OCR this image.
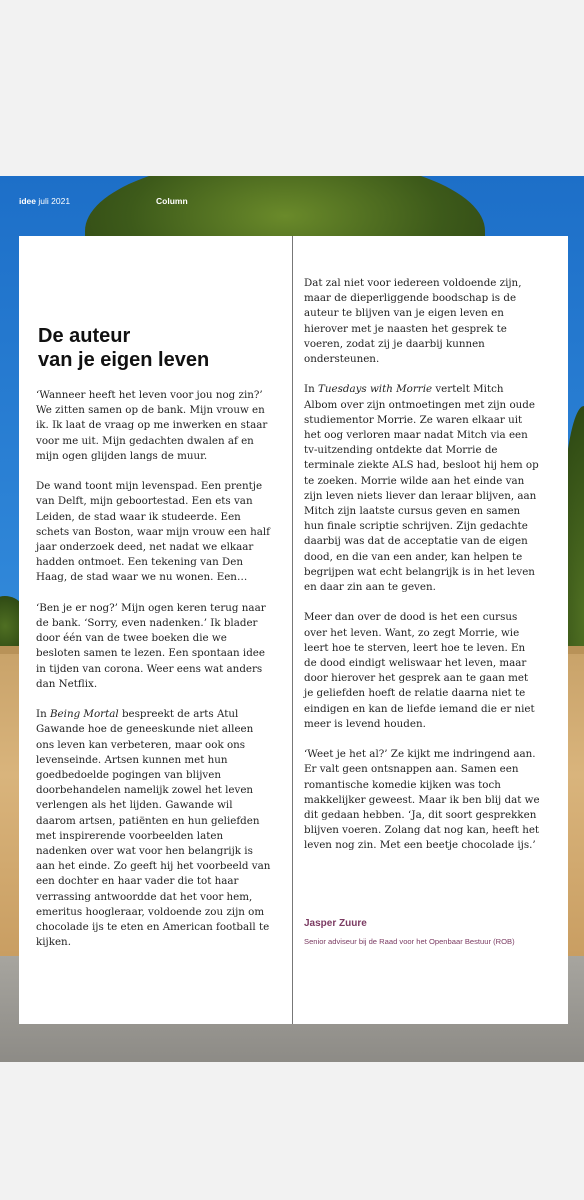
idee juli 2021	Column
De auteur
van je eigen leven

‘Wanneer heeft het leven voor jou nog zin?’ We zitten samen op de bank. Mijn vrouw en ik. Ik laat de vraag op me inwerken en staar voor me uit. Mijn gedachten dwalen af en mijn ogen glijden langs de muur.

De wand toont mijn levenspad. Een prentje van Delft, mijn geboortestad. Een ets van Leiden, de stad waar ik studeerde. Een schets van Boston, waar mijn vrouw een half jaar onderzoek deed, net nadat we elkaar hadden ontmoet. Een tekening van Den Haag, de stad waar we nu wonen. Een…

‘Ben je er nog?’ Mijn ogen keren terug naar de bank. ‘Sorry, even nadenken.’ Ik blader door één van de twee boeken die we besloten samen te lezen. Een spontaan idee in tijden van corona. Weer eens wat anders dan Netflix.

In Being Mortal bespreekt de arts Atul Gawande hoe de geneeskunde niet alleen ons leven kan verbeteren, maar ook ons levenseinde. Artsen kunnen met hun goedbedoelde pogingen van blijven doorbehandelen namelijk zowel het leven verlengen als het lijden. Gawande wil daarom artsen, patiënten en hun geliefden met inspirerende voorbeelden laten nadenken over wat voor hen belangrijk is aan het einde. Zo geeft hij het voorbeeld van een dochter en haar vader die tot haar verrassing antwoordde dat het voor hem, emeritus hoogleraar, voldoende zou zijn om chocolade ijs te eten en American football te kijken.

Dat zal niet voor iedereen voldoende zijn, maar de dieperliggende boodschap is de auteur te blijven van je eigen leven en hierover met je naasten het gesprek te voeren, zodat zij je daarbij kunnen ondersteunen.

In Tuesdays with Morrie vertelt Mitch Albom over zijn ontmoetingen met zijn oude studiementor Morrie. Ze waren elkaar uit het oog verloren maar nadat Mitch via een tv-uitzending ontdekte dat Morrie de terminale ziekte ALS had, besloot hij hem op te zoeken. Morrie wilde aan het einde van zijn leven niets liever dan leraar blijven, aan Mitch zijn laatste cursus geven en samen hun finale scriptie schrijven. Zijn gedachte daarbij was dat de acceptatie van de eigen dood, en die van een ander, kan helpen te begrijpen wat echt belangrijk is in het leven en daar zin aan te geven.

Meer dan over de dood is het een cursus over het leven. Want, zo zegt Morrie, wie leert hoe te sterven, leert hoe te leven. En de dood eindigt weliswaar het leven, maar door hierover het gesprek aan te gaan met je geliefden hoeft de relatie daarna niet te eindigen en kan de liefde iemand die er niet meer is levend houden.

‘Weet je het al?’ Ze kijkt me indringend aan. Er valt geen ontsnappen aan. Samen een romantische komedie kijken was toch makkelijker geweest. Maar ik ben blij dat we dit gedaan hebben. ‘Ja, dit soort gesprekken blijven voeren. Zolang dat nog kan, heeft het leven nog zin. Met een beetje chocolade ijs.’

Jasper Zuure
Senior adviseur bij de Raad voor het Openbaar Bestuur (ROB)
